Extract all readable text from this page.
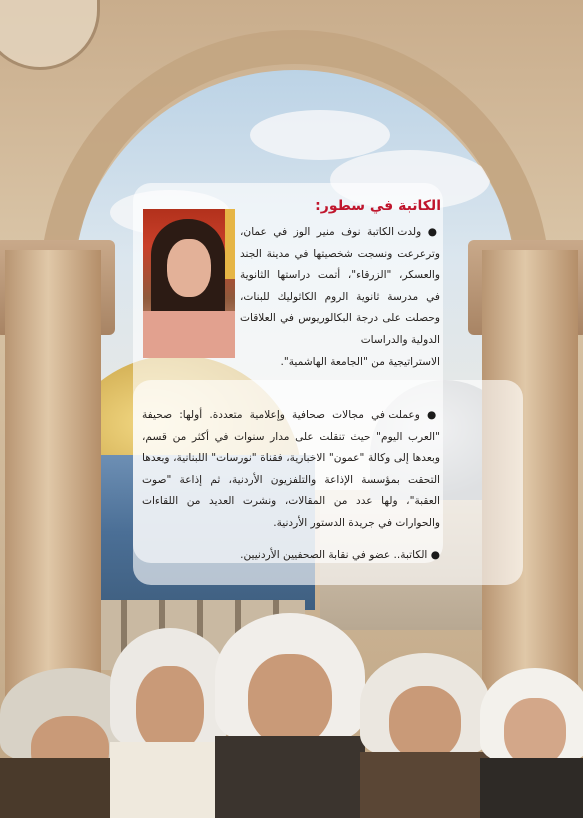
الكاتبة في سطور:
● ولدت الكاتبة نوف منير الوز في عمان، وترعرعت ونسجت شخصيتها في مدينة الجند والعسكر، "الزرقاء"، أتمت دراستها الثانوية في مدرسة ثانوية الروم الكاثوليك للبنات، وحصلت على درجة البكالوريوس في العلاقات الدولية والدراسات
الاستراتيجية من "الجامعة الهاشمية".
● وعملت في مجالات صحافية وإعلامية متعددة. أولها: صحيفة "العرب اليوم" حيث تنقلت على مدار سنوات في أكثر من قسم، وبعدها إلى وكالة "عمون" الاخبارية، فقناة "نورسات" اللبنانية، وبعدها التحقت بمؤسسة الإذاعة والتلفزيون الأردنية، ثم إذاعة "صوت العقبة"، ولها عدد من المقالات، ونشرت العديد من اللقاءات والحوارات في جريدة الدستور الأردنية.
● الكاتبة.. عضو في نقابة الصحفيين الأردنيين.
